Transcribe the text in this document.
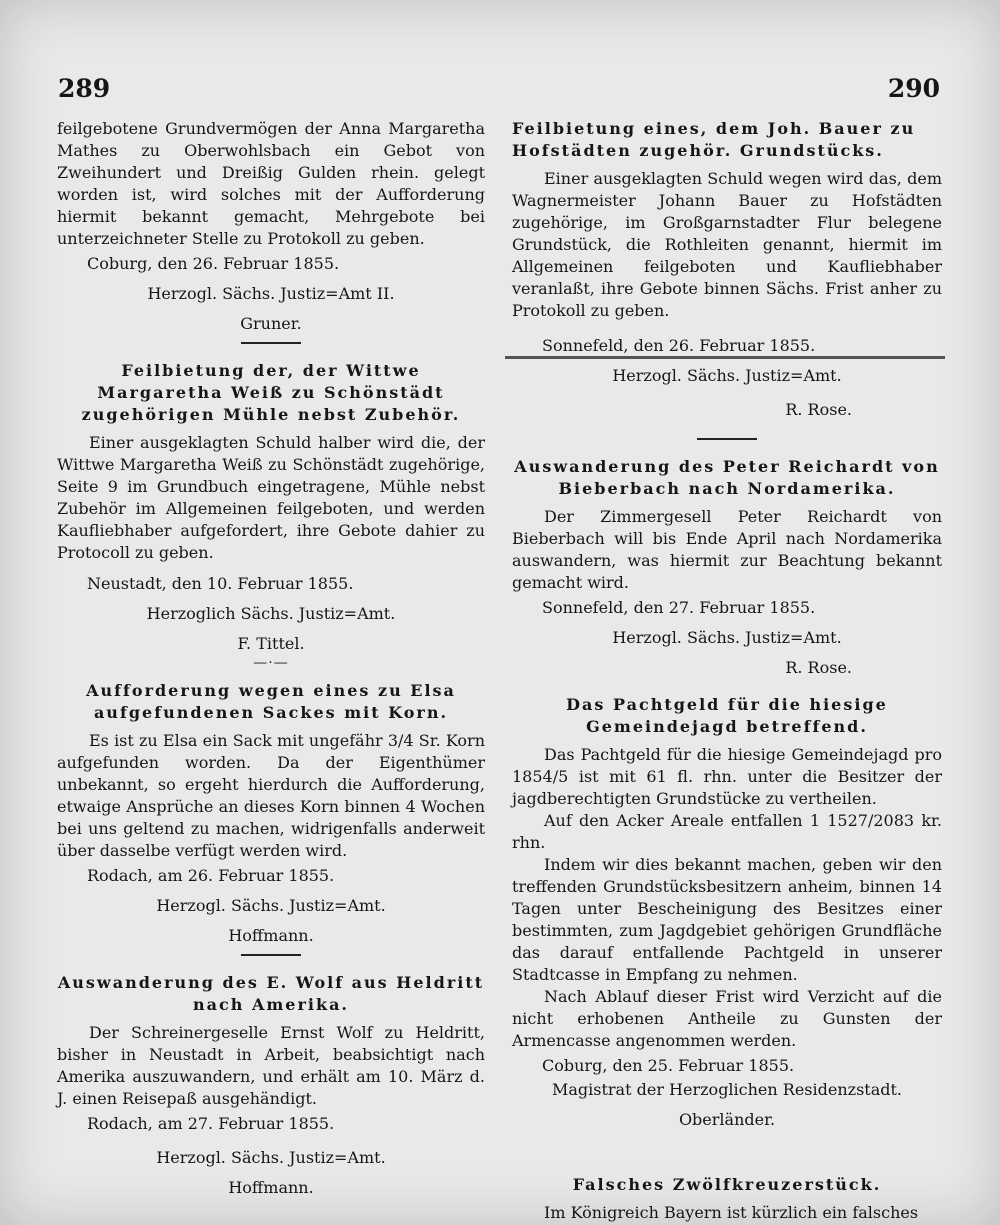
289	290

feilgebotene Grundvermögen der Anna Margaretha Mathes zu Oberwohlsbach ein Gebot von Zweihundert und Dreißig Gulden rhein. gelegt worden ist, wird solches mit der Aufforderung hiermit bekannt gemacht, Mehrgebote bei unterzeichneter Stelle zu Protokoll zu geben.

Coburg, den 26. Februar 1855.
Herzogl. Sächs. Justiz=Amt II.
Gruner.

Feilbietung der, der Wittwe Margaretha Weiß zu Schönstädt zugehörigen Mühle nebst Zubehör.

Einer ausgeklagten Schuld halber wird die, der Wittwe Margaretha Weiß zu Schönstädt zugehörige, Seite 9 im Grundbuch eingetragene, Mühle nebst Zubehör im Allgemeinen feilgeboten, und werden Kaufliebhaber aufgefordert, ihre Gebote dahier zu Protocoll zu geben.

Neustadt, den 10. Februar 1855.
Herzoglich Sächs. Justiz=Amt.
F. Tittel.
—·—

Aufforderung wegen eines zu Elsa aufgefundenen Sackes mit Korn.

Es ist zu Elsa ein Sack mit ungefähr 3/4 Sr. Korn aufgefunden worden. Da der Eigenthümer unbekannt, so ergeht hierdurch die Aufforderung, etwaige Ansprüche an dieses Korn binnen 4 Wochen bei uns geltend zu machen, widrigenfalls anderweit über dasselbe verfügt werden wird.

Rodach, am 26. Februar 1855.
Herzogl. Sächs. Justiz=Amt.
Hoffmann.

Auswanderung des E. Wolf aus Heldritt nach Amerika.

Der Schreinergeselle Ernst Wolf zu Heldritt, bisher in Neustadt in Arbeit, beabsichtigt nach Amerika auszuwandern, und erhält am 10. März d. J. einen Reisepaß ausgehändigt.

Rodach, am 27. Februar 1855.
Herzogl. Sächs. Justiz=Amt.
Hoffmann.

Feilbietung eines, dem Joh. Bauer zu Hofstädten zugehör. Grundstücks.

Einer ausgeklagten Schuld wegen wird das, dem Wagnermeister Johann Bauer zu Hofstädten zugehörige, im Großgarnstadter Flur belegene Grundstück, die Rothleiten genannt, hiermit im Allgemeinen feilgeboten und Kaufliebhaber veranlaßt, ihre Gebote binnen Sächs. Frist anher zu Protokoll zu geben.

Sonnefeld, den 26. Februar 1855.
Herzogl. Sächs. Justiz=Amt.
R. Rose.

Auswanderung des Peter Reichardt von Bieberbach nach Nordamerika.

Der Zimmergesell Peter Reichardt von Bieberbach will bis Ende April nach Nordamerika auswandern, was hiermit zur Beachtung bekannt gemacht wird.

Sonnefeld, den 27. Februar 1855.
Herzogl. Sächs. Justiz=Amt.
R. Rose.

Das Pachtgeld für die hiesige Gemeindejagd betreffend.

Das Pachtgeld für die hiesige Gemeindejagd pro 1854/5 ist mit 61 fl. rhn. unter die Besitzer der jagdberechtigten Grundstücke zu vertheilen.

Auf den Acker Areale entfallen 1 1527/2083 kr. rhn.

Indem wir dies bekannt machen, geben wir den treffenden Grundstücksbesitzern anheim, binnen 14 Tagen unter Bescheinigung des Besitzes einer bestimmten, zum Jagdgebiet gehörigen Grundfläche das darauf entfallende Pachtgeld in unserer Stadtcasse in Empfang zu nehmen.

Nach Ablauf dieser Frist wird Verzicht auf die nicht erhobenen Antheile zu Gunsten der Armencasse angenommen werden.

Coburg, den 25. Februar 1855.
Magistrat der Herzoglichen Residenzstadt.
Oberländer.

Falsches Zwölfkreuzerstück.

Im Königreich Bayern ist kürzlich ein falsches
